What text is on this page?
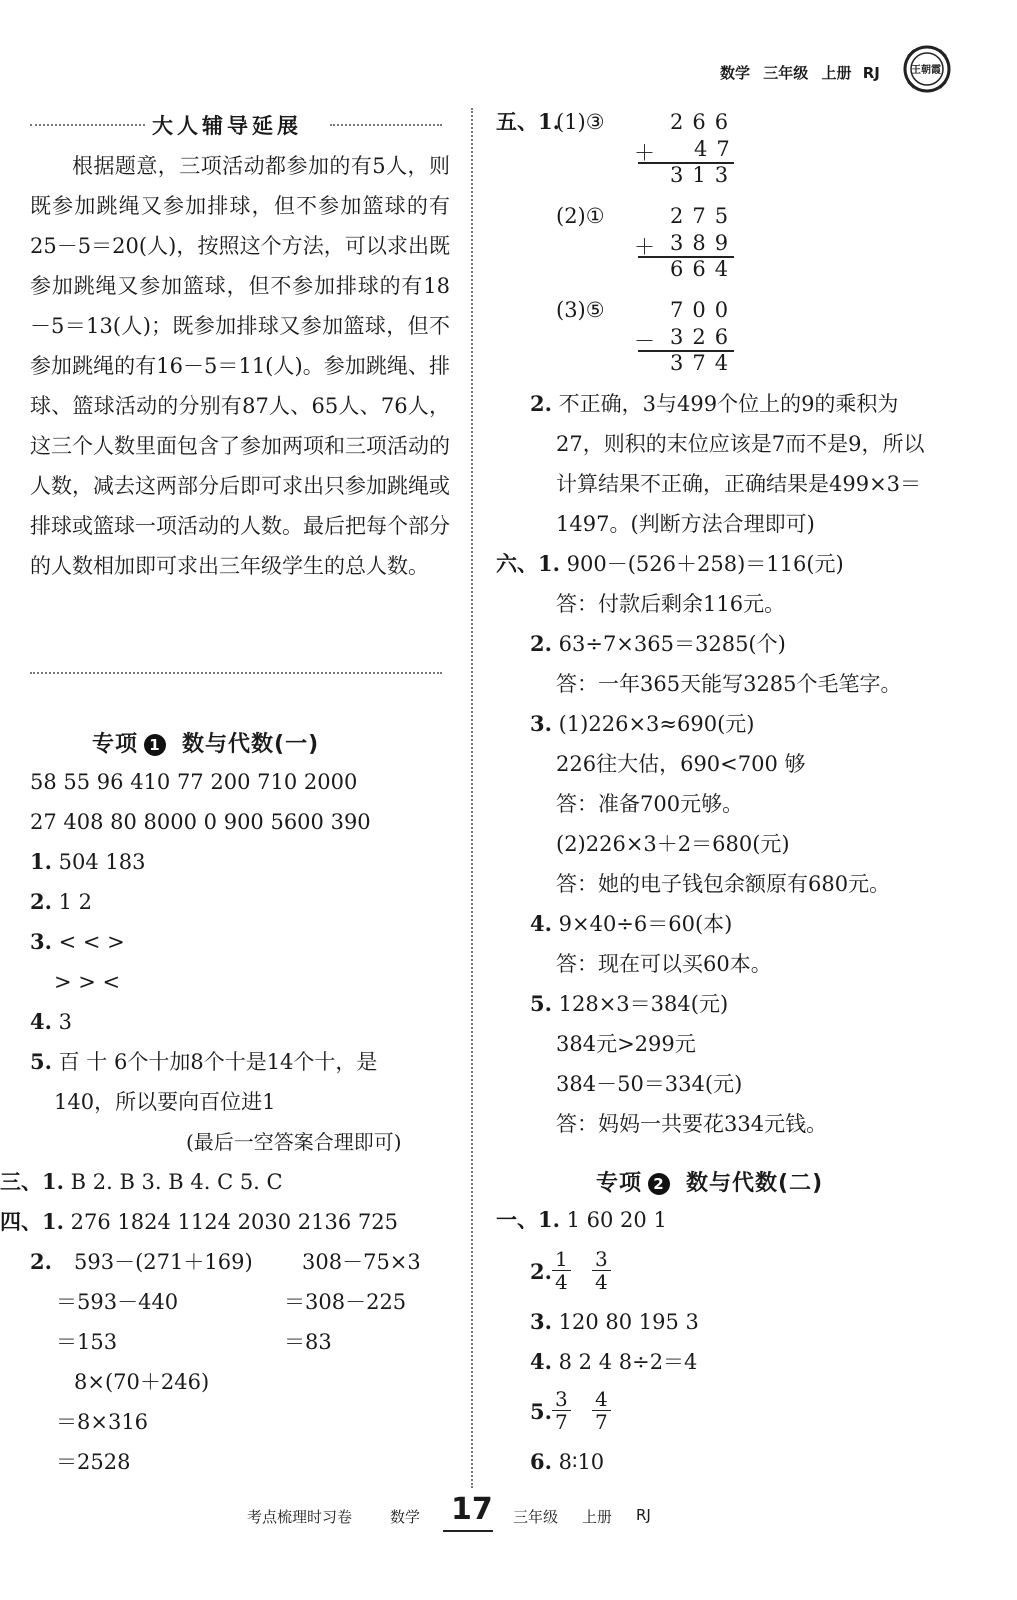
数学 三年级 上册 RJ	王朝霞
大人辅导延展

根据题意，三项活动都参加的有5人，则既参加跳绳又参加排球，但不参加篮球的有25－5＝20(人)，按照这个方法，可以求出既参加跳绳又参加篮球，但不参加排球的有18－5＝13(人)；既参加排球又参加篮球，但不参加跳绳的有16－5＝11(人)。参加跳绳、排球、篮球活动的分别有87人、65人、76人，这三个人数里面包含了参加两项和三项活动的人数，减去这两部分后即可求出只参加跳绳或排球或篮球一项活动的人数。最后把每个部分的人数相加即可求出三年级学生的总人数。

专项 1 数与代数(一)
58 55 96 410 77 200 710 2000
27 408 80 8000 0 900 5600 390
1. 504 183
2. 1 2
3. < < >
> > <
4. 3
5. 百 十 6个十加8个十是14个十，是
140，所以要向百位进1
(最后一空答案合理即可)
三、1. B 2. B 3. B 4. C 5. C
四、1. 276 1824 1124 2030 2136 725
2. 593－(271＋169)
＝593－440
＝153
308－75×3
＝308－225
＝83
8×(70＋246)
＝8×316
＝2528
五、1.
(1)③	266
＋ 47
313
(2)①	275
＋ 389
664
(3)⑤	700
－ 326
374
2. 不正确，3与499个位上的9的乘积为
27，则积的末位应该是7而不是9，所以
计算结果不正确，正确结果是499×3＝
1497。(判断方法合理即可)
六、1. 900－(526＋258)＝116(元)
答：付款后剩余116元。
2. 63÷7×365＝3285(个)
答：一年365天能写3285个毛笔字。
3. (1)226×3≈690(元)
226往大估，690<700 够
答：准备700元够。
(2)226×3＋2＝680(元)
答：她的电子钱包余额原有680元。
4. 9×40÷6＝60(本)
答：现在可以买60本。
5. 128×3＝384(元)
384元>299元
384－50＝334(元)
答：妈妈一共要花334元钱。
专项 2 数与代数(二)
一、1. 1 60 20 1
2. $\frac{1}{4} \frac{3}{4}$
3. 120 80 195 3
4. 8 2 4 8÷2＝4
5. $\frac{3}{7} \frac{4}{7}$
6. 8∶10
考点梳理时习卷	数学 17 三年级 上册 RJ
